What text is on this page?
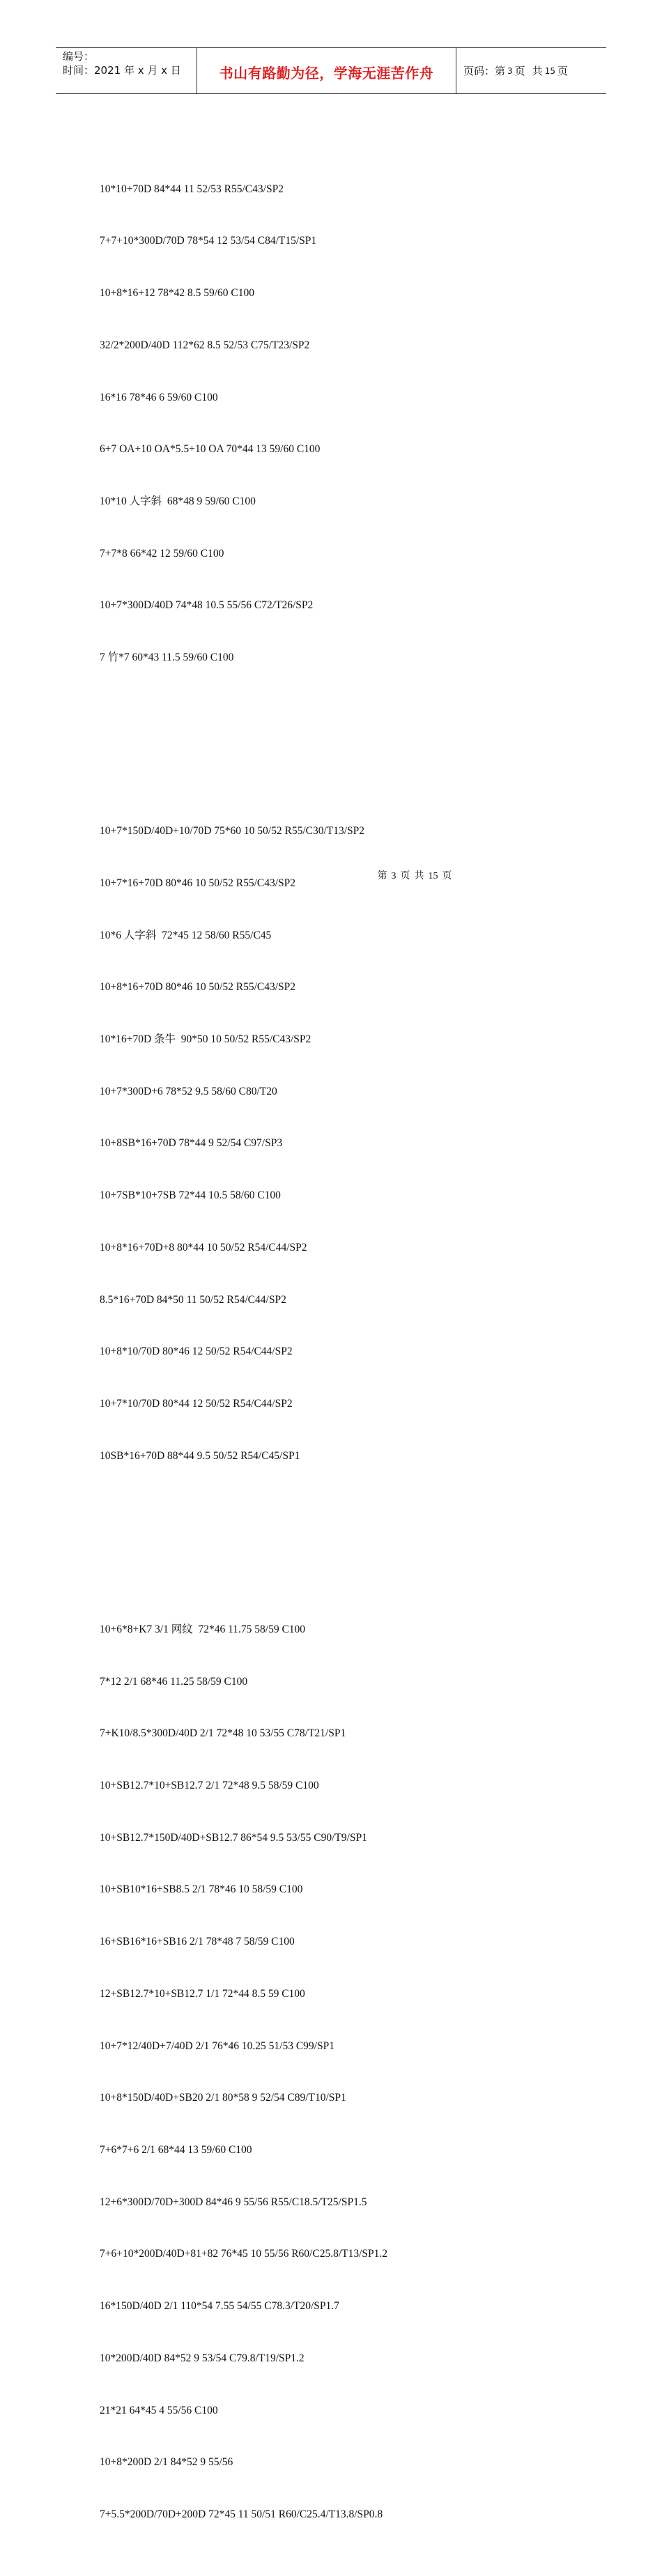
编号：
时间：2021 年 x 月 x 日	书山有路勤为径，学海无涯苦作舟	页码：第 3 页 共 15 页

10*10+70D 84*44 11 52/53 R55/C43/SP2

7+7+10*300D/70D 78*54 12 53/54 C84/T15/SP1

10+8*16+12 78*42 8.5 59/60 C100

32/2*200D/40D 112*62 8.5 52/53 C75/T23/SP2

16*16 78*46 6 59/60 C100

6+7 OA+10 OA*5.5+10 OA 70*44 13 59/60 C100

10*10 人字斜  68*48 9 59/60 C100

7+7*8 66*42 12 59/60 C100

10+7*300D/40D 74*48 10.5 55/56 C72/T26/SP2

7 竹*7 60*43 11.5 59/60 C100

10+7*150D/40D+10/70D 75*60 10 50/52 R55/C30/T13/SP2

10+7*16+70D 80*46 10 50/52 R55/C43/SP2

10*6 人字斜  72*45 12 58/60 R55/C45

10+8*16+70D 80*46 10 50/52 R55/C43/SP2

10*16+70D 条牛  90*50 10 50/52 R55/C43/SP2

10+7*300D+6 78*52 9.5 58/60 C80/T20

10+8SB*16+70D 78*44 9 52/54 C97/SP3

10+7SB*10+7SB 72*44 10.5 58/60 C100

10+8*16+70D+8 80*44 10 50/52 R54/C44/SP2

8.5*16+70D 84*50 11 50/52 R54/C44/SP2

10+8*10/70D 80*46 12 50/52 R54/C44/SP2

10+7*10/70D 80*44 12 50/52 R54/C44/SP2

10SB*16+70D 88*44 9.5 50/52 R54/C45/SP1

10+6*8+K7 3/1 网纹  72*46 11.75 58/59 C100

7*12 2/1 68*46 11.25 58/59 C100

7+K10/8.5*300D/40D 2/1 72*48 10 53/55 C78/T21/SP1

10+SB12.7*10+SB12.7 2/1 72*48 9.5 58/59 C100

10+SB12.7*150D/40D+SB12.7 86*54 9.5 53/55 C90/T9/SP1

10+SB10*16+SB8.5 2/1 78*46 10 58/59 C100

16+SB16*16+SB16 2/1 78*48 7 58/59 C100

12+SB12.7*10+SB12.7 1/1 72*44 8.5 59 C100

10+7*12/40D+7/40D 2/1 76*46 10.25 51/53 C99/SP1

10+8*150D/40D+SB20 2/1 80*58 9 52/54 C89/T10/SP1

7+6*7+6 2/1 68*44 13 59/60 C100

12+6*300D/70D+300D 84*46 9 55/56 R55/C18.5/T25/SP1.5

7+6+10*200D/40D+81+82 76*45 10 55/56 R60/C25.8/T13/SP1.2

16*150D/40D 2/1 110*54 7.55 54/55 C78.3/T20/SP1.7

10*200D/40D 84*52 9 53/54 C79.8/T19/SP1.2

21*21 64*45 4 55/56 C100

10+8*200D 2/1 84*52 9 55/56

7+5.5*200D/70D+200D 72*45 11 50/51 R60/C25.4/T13.8/SP0.8

第 3 页 共 15 页
